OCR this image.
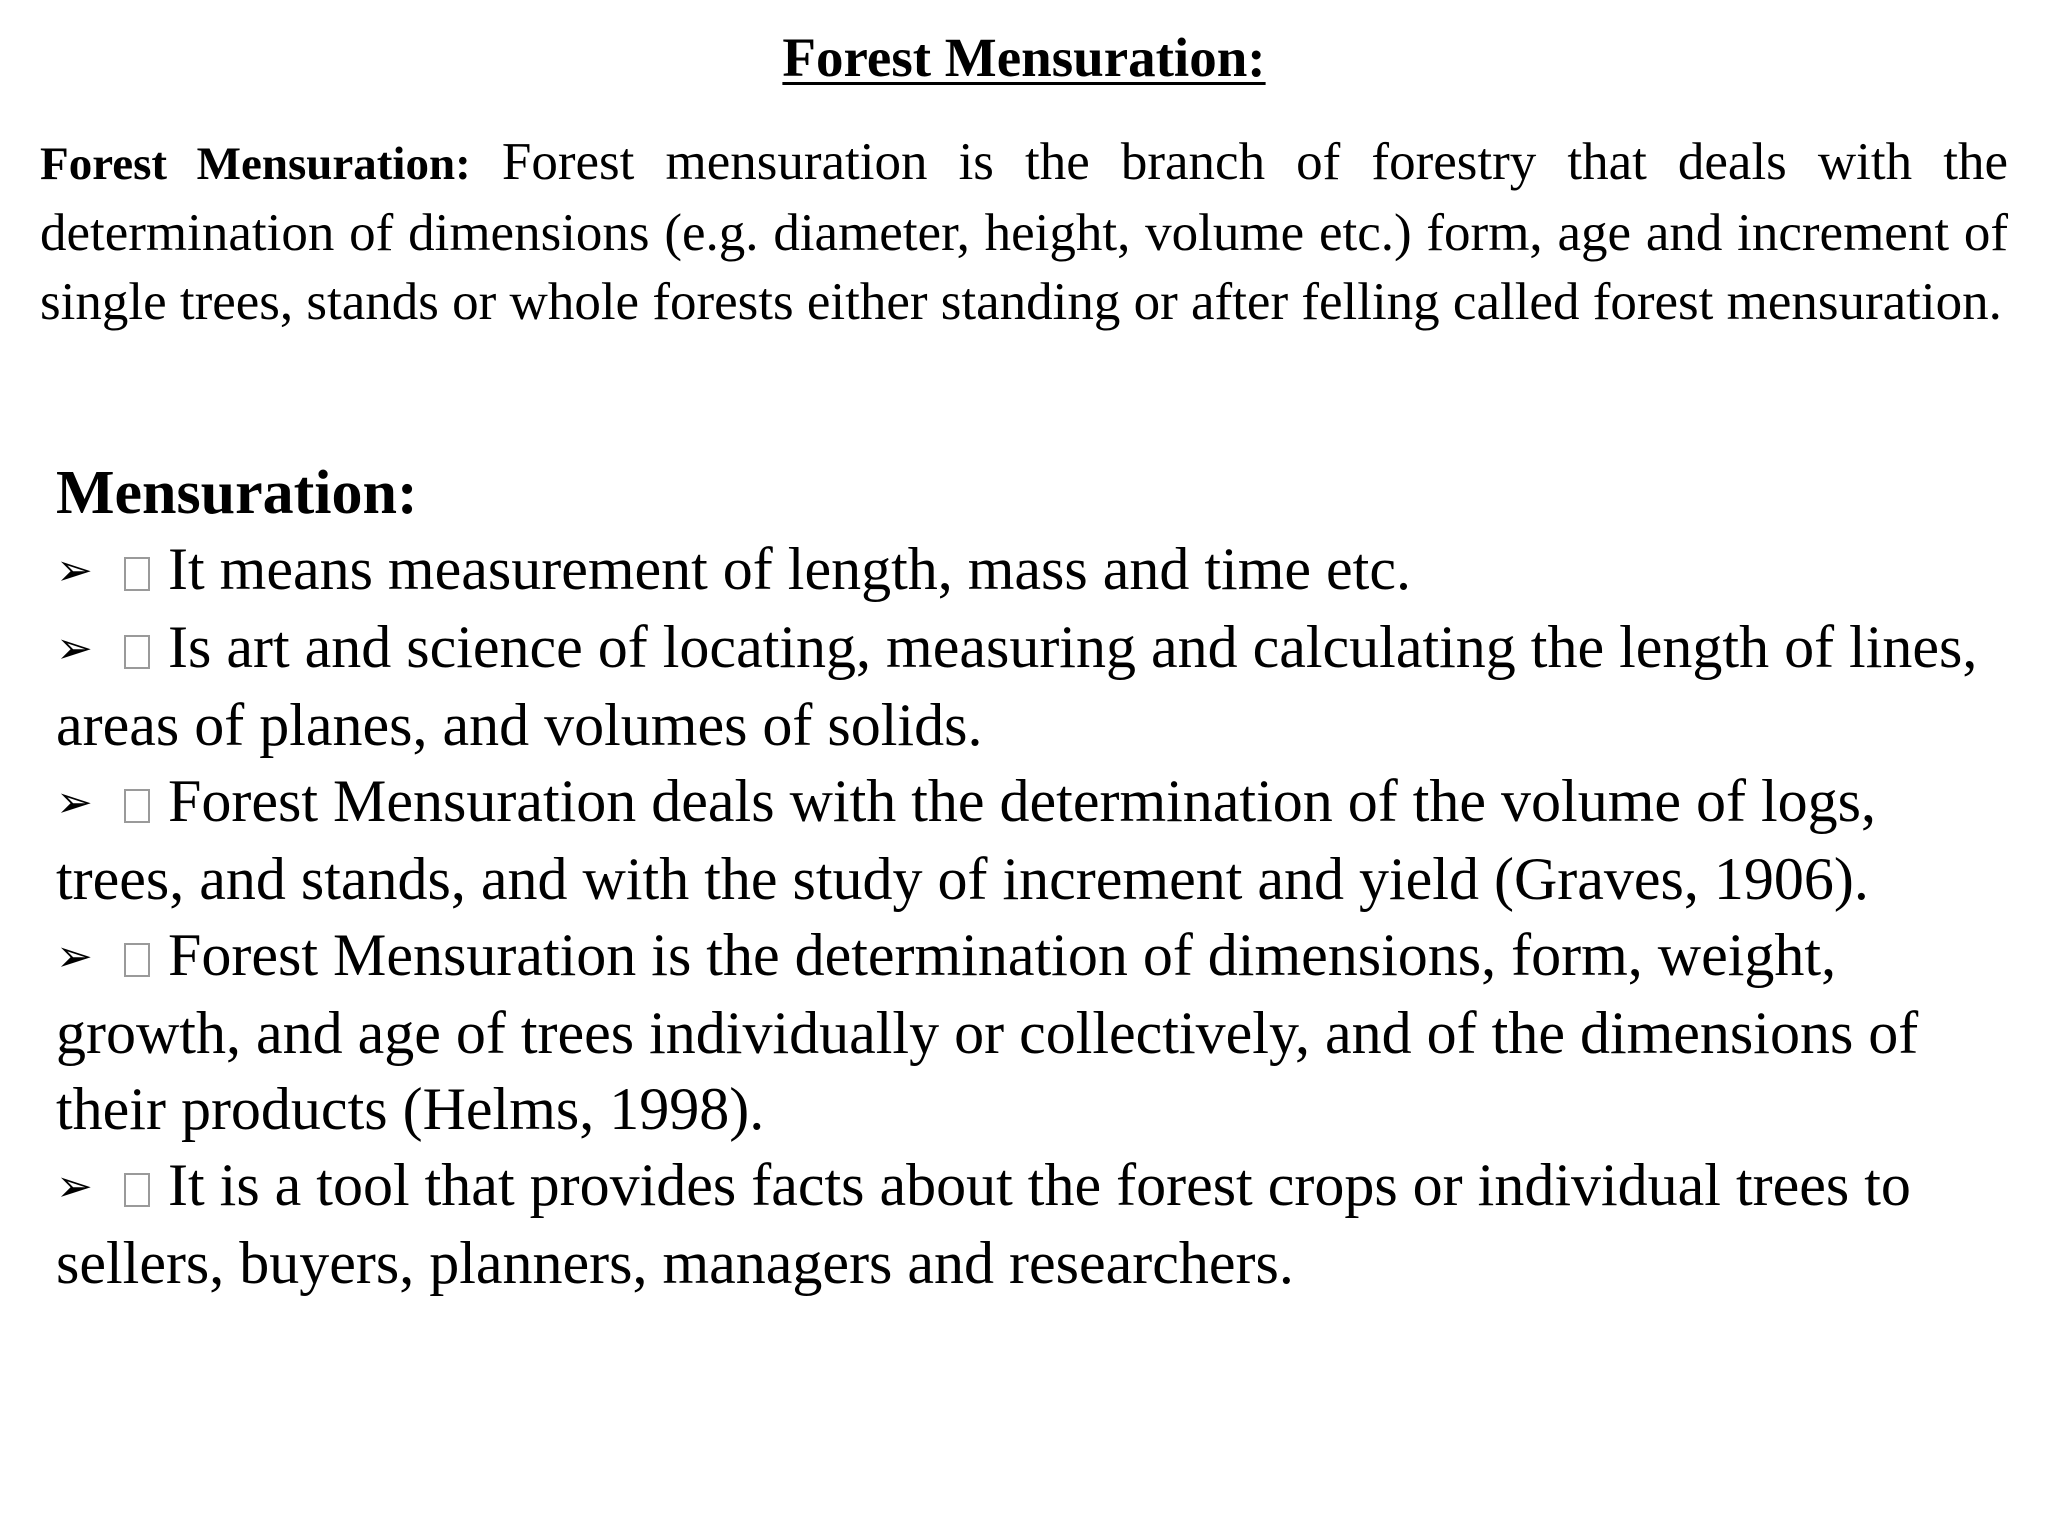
Forest Mensuration:

Forest Mensuration: Forest mensuration is the branch of forestry that deals with the determination of dimensions (e.g. diameter, height, volume etc.) form, age and increment of single trees, stands or whole forests either standing or after felling called forest mensuration.

Mensuration:
➢ It means measurement of length, mass and time etc.
➢ Is art and science of locating, measuring and calculating the length of lines, areas of planes, and volumes of solids.
➢ Forest Mensuration deals with the determination of the volume of logs, trees, and stands, and with the study of increment and yield (Graves, 1906).
➢ Forest Mensuration is the determination of dimensions, form, weight, growth, and age of trees individually or collectively, and of the dimensions of their products (Helms, 1998).
➢ It is a tool that provides facts about the forest crops or individual trees to sellers, buyers, planners, managers and researchers.
